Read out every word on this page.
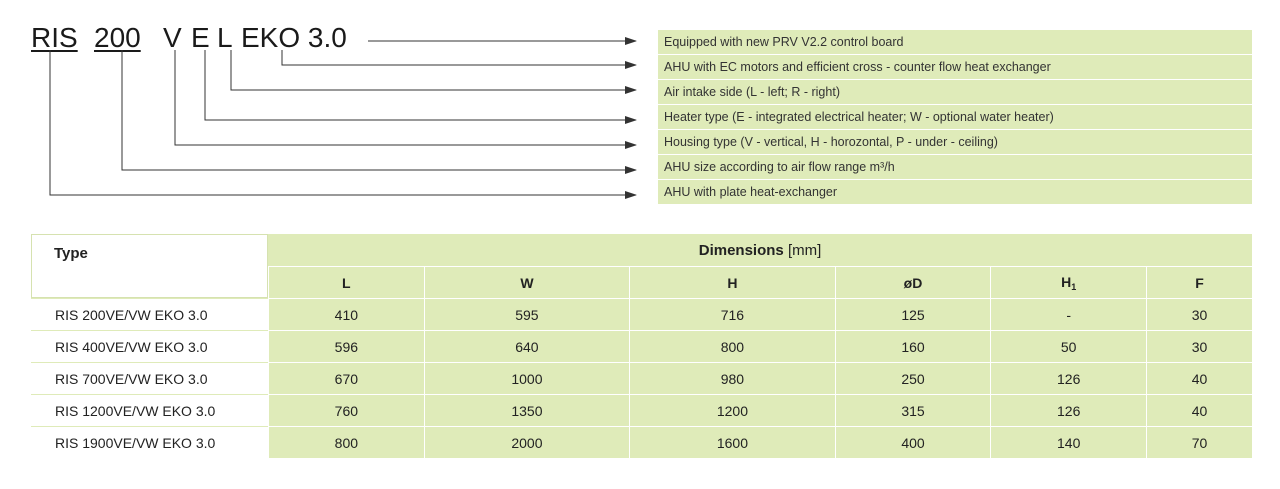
RIS 200 V E L EKO 3.0	Equipped with new PRV V2.2 control board
AHU with EC motors and efficient cross - counter flow heat exchanger
Air intake side (L - left; R - right)
Heater type (E - integrated electrical heater; W - optional water heater)
Housing type (V - vertical, H - horozontal, P - under - ceiling)
AHU size according to air flow range m³/h
AHU with plate heat-exchanger
Type	Dimensions [mm]					
	L	W	H	øD	$H_1$	F
RIS 200VE/VW EKO 3.0	410	595	716	125	-	30
RIS 400VE/VW EKO 3.0	596	640	800	160	50	30
RIS 700VE/VW EKO 3.0	670	1000	980	250	126	40
RIS 1200VE/VW EKO 3.0	760	1350	1200	315	126	40
RIS 1900VE/VW EKO 3.0	800	2000	1600	400	140	70
